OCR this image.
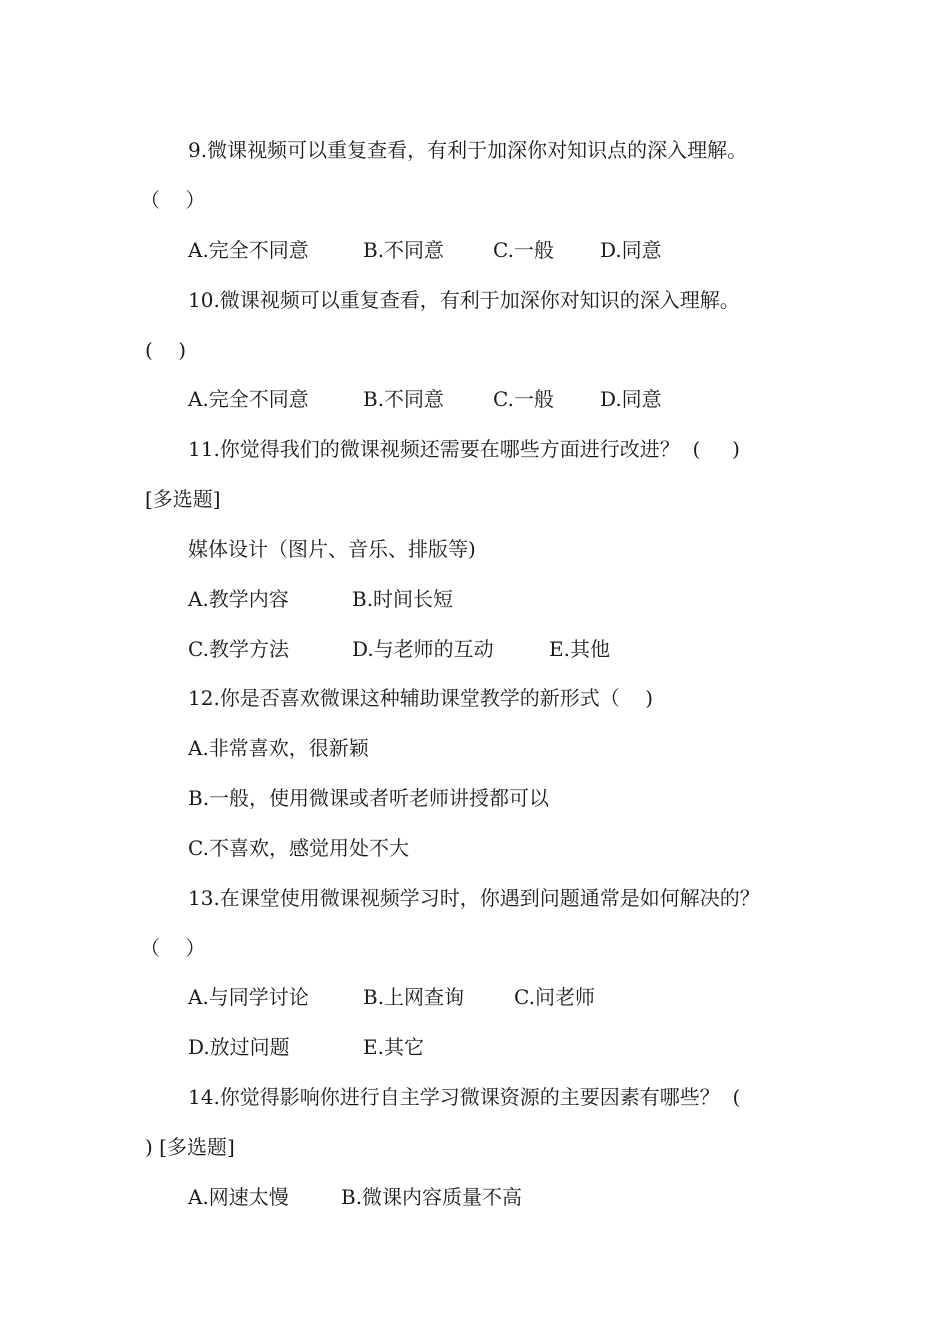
9.微课视频可以重复查看，有利于加深你对知识点的深入理解。
（    ）
A.完全不同意	B.不同意 C.一般 D.同意
10.微课视频可以重复查看，有利于加深你对知识的深入理解。
(    )
A.完全不同意	B.不同意 C.一般 D.同意
11.你觉得我们的微课视频还需要在哪些方面进行改进？  (     )
[多选题]
媒体设计（图片、音乐、排版等)
A.教学内容	B.时间长短
C.教学方法	D.与老师的互动	E.其他
12.你是否喜欢微课这种辅助课堂教学的新形式（    )
A.非常喜欢，很新颖
B.一般，使用微课或者听老师讲授都可以
C.不喜欢，感觉用处不大
13.在课堂使用微课视频学习时，你遇到问题通常是如何解决的？
（    ）
A.与同学讨论	B.上网查询 C.问老师
D.放过问题	E.其它
14.你觉得影响你进行自主学习微课资源的主要因素有哪些？  (
) [多选题]
A.网速太慢	B.微课内容质量不高
